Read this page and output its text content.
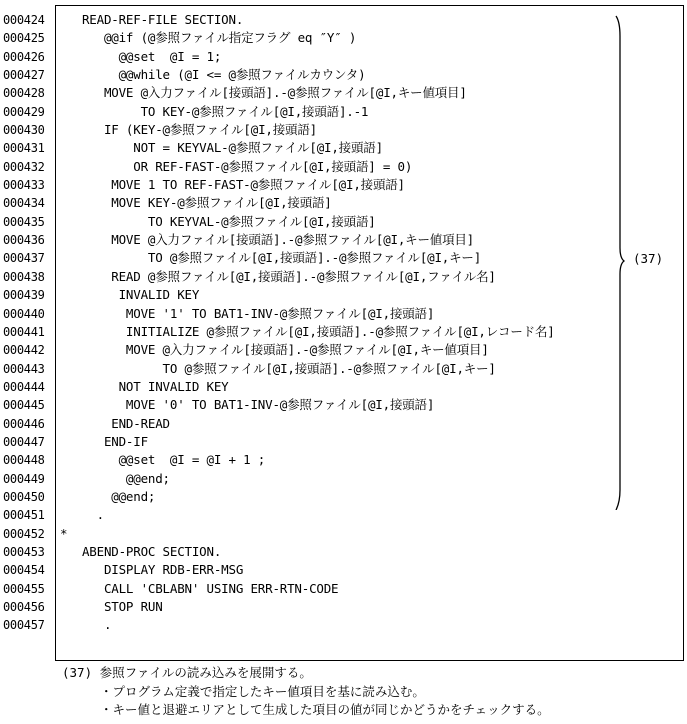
000424
000425
000426
000427
000428
000429
000430
000431
000432
000433
000434
000435
000436
000437
000438
000439
000440
000441
000442
000443
000444
000445
000446
000447
000448
000449
000450
000451
000452
000453
000454
000455
000456
000457
READ-REF-FILE SECTION.
@@if (@参照ファイル指定フラグ eq ″Y″ )
@@set  @I = 1;
@@while (@I <= @参照ファイルカウンタ)
MOVE @入力ファイル[接頭語].-@参照ファイル[@I,キー値項目]
TO KEY-@参照ファイル[@I,接頭語].-1
IF (KEY-@参照ファイル[@I,接頭語]
NOT = KEYVAL-@参照ファイル[@I,接頭語]
OR REF-FAST-@参照ファイル[@I,接頭語] = 0)
MOVE 1 TO REF-FAST-@参照ファイル[@I,接頭語]
MOVE KEY-@参照ファイル[@I,接頭語]
TO KEYVAL-@参照ファイル[@I,接頭語]
MOVE @入力ファイル[接頭語].-@参照ファイル[@I,キー値項目]
TO @参照ファイル[@I,接頭語].-@参照ファイル[@I,キー]
READ @参照ファイル[@I,接頭語].-@参照ファイル[@I,ファイル名]
INVALID KEY
MOVE '1' TO BAT1-INV-@参照ファイル[@I,接頭語]
INITIALIZE @参照ファイル[@I,接頭語].-@参照ファイル[@I,レコード名]
MOVE @入力ファイル[接頭語].-@参照ファイル[@I,キー値項目]
TO @参照ファイル[@I,接頭語].-@参照ファイル[@I,キー]
NOT INVALID KEY
MOVE '0' TO BAT1-INV-@参照ファイル[@I,接頭語]
END-READ
END-IF
@@set  @I = @I + 1 ;
@@end;
@@end;
.
*
ABEND-PROC SECTION.
DISPLAY RDB-ERR-MSG
CALL 'CBLABN' USING ERR-RTN-CODE
STOP RUN
.
(37)
(37) 参照ファイルの読み込みを展開する。
・プログラム定義で指定したキー値項目を基に読み込む。
・キー値と退避エリアとして生成した項目の値が同じかどうかをチェックする。
